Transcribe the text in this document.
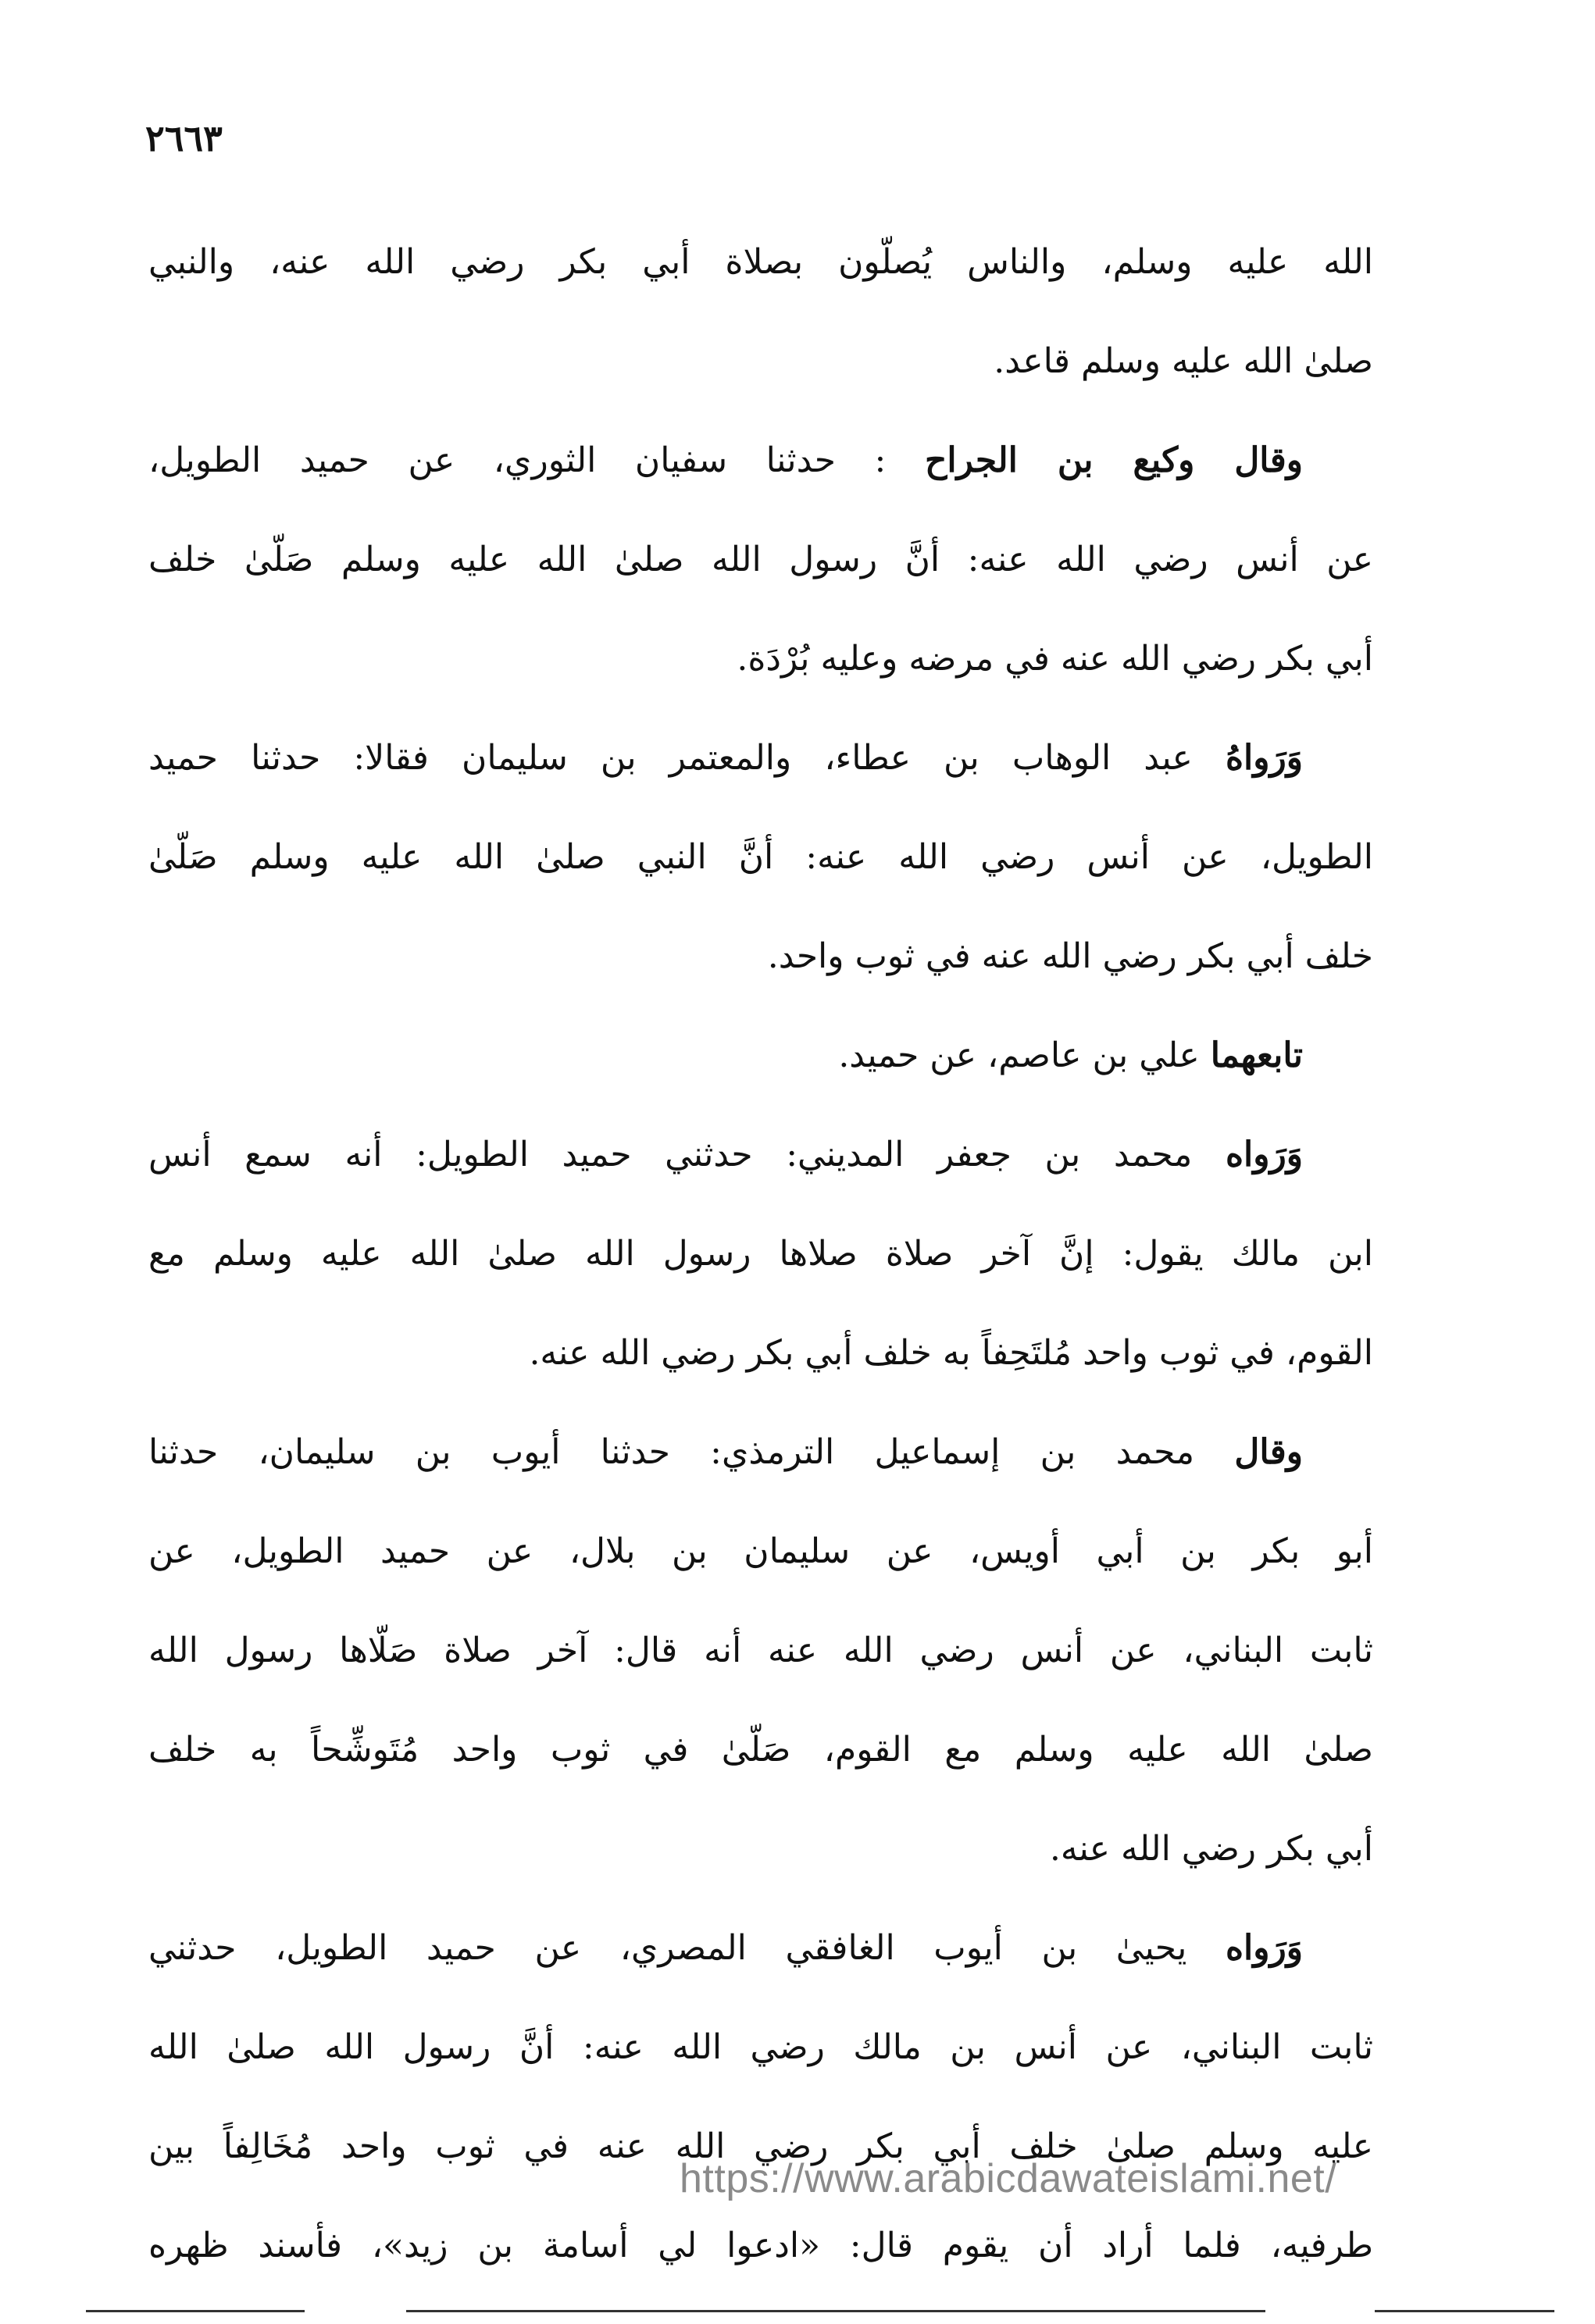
٢٦٦٣
الله عليه وسلم، والناس يُصلّون بصلاة أبي بكر رضي الله عنه، والنبي
صلىٰ الله عليه وسلم قاعد.
وقال وكيع بن الجراح : حدثنا سفيان الثوري، عن حميد الطويل،
عن أنس رضي الله عنه: أنَّ رسول الله صلىٰ الله عليه وسلم صَلّىٰ خلف
أبي بكر رضي الله عنه في مرضه وعليه بُرْدَة.
وَرَواهُ عبد الوهاب بن عطاء، والمعتمر بن سليمان فقالا: حدثنا حميد
الطويل، عن أنس رضي الله عنه: أنَّ النبي صلىٰ الله عليه وسلم صَلّىٰ
خلف أبي بكر رضي الله عنه في ثوب واحد.
تابعهما علي بن عاصم، عن حميد.
وَرَواه محمد بن جعفر المديني: حدثني حميد الطويل: أنه سمع أنس
ابن مالك يقول: إنَّ آخر صلاة صلاها رسول الله صلىٰ الله عليه وسلم مع
القوم، في ثوب واحد مُلتَحِفاً به خلف أبي بكر رضي الله عنه.
وقال محمد بن إسماعيل الترمذي: حدثنا أيوب بن سليمان، حدثنا
أبو بكر بن أبي أويس، عن سليمان بن بلال، عن حميد الطويل، عن
ثابت البناني، عن أنس رضي الله عنه أنه قال: آخر صلاة صَلّاها رسول الله
صلىٰ الله عليه وسلم مع القوم، صَلّىٰ في ثوب واحد مُتَوشِّحاً به خلف
أبي بكر رضي الله عنه.
وَرَواه يحيىٰ بن أيوب الغافقي المصري، عن حميد الطويل، حدثني
ثابت البناني، عن أنس بن مالك رضي الله عنه: أنَّ رسول الله صلىٰ الله
عليه وسلم صلىٰ خلف أبي بكر رضي الله عنه في ثوب واحد مُخَالِفاً بين
طرفيه، فلما أراد أن يقوم قال: «ادعوا لي أسامة بن زيد»، فأسند ظهره
https://www.arabicdawateislami.net/
